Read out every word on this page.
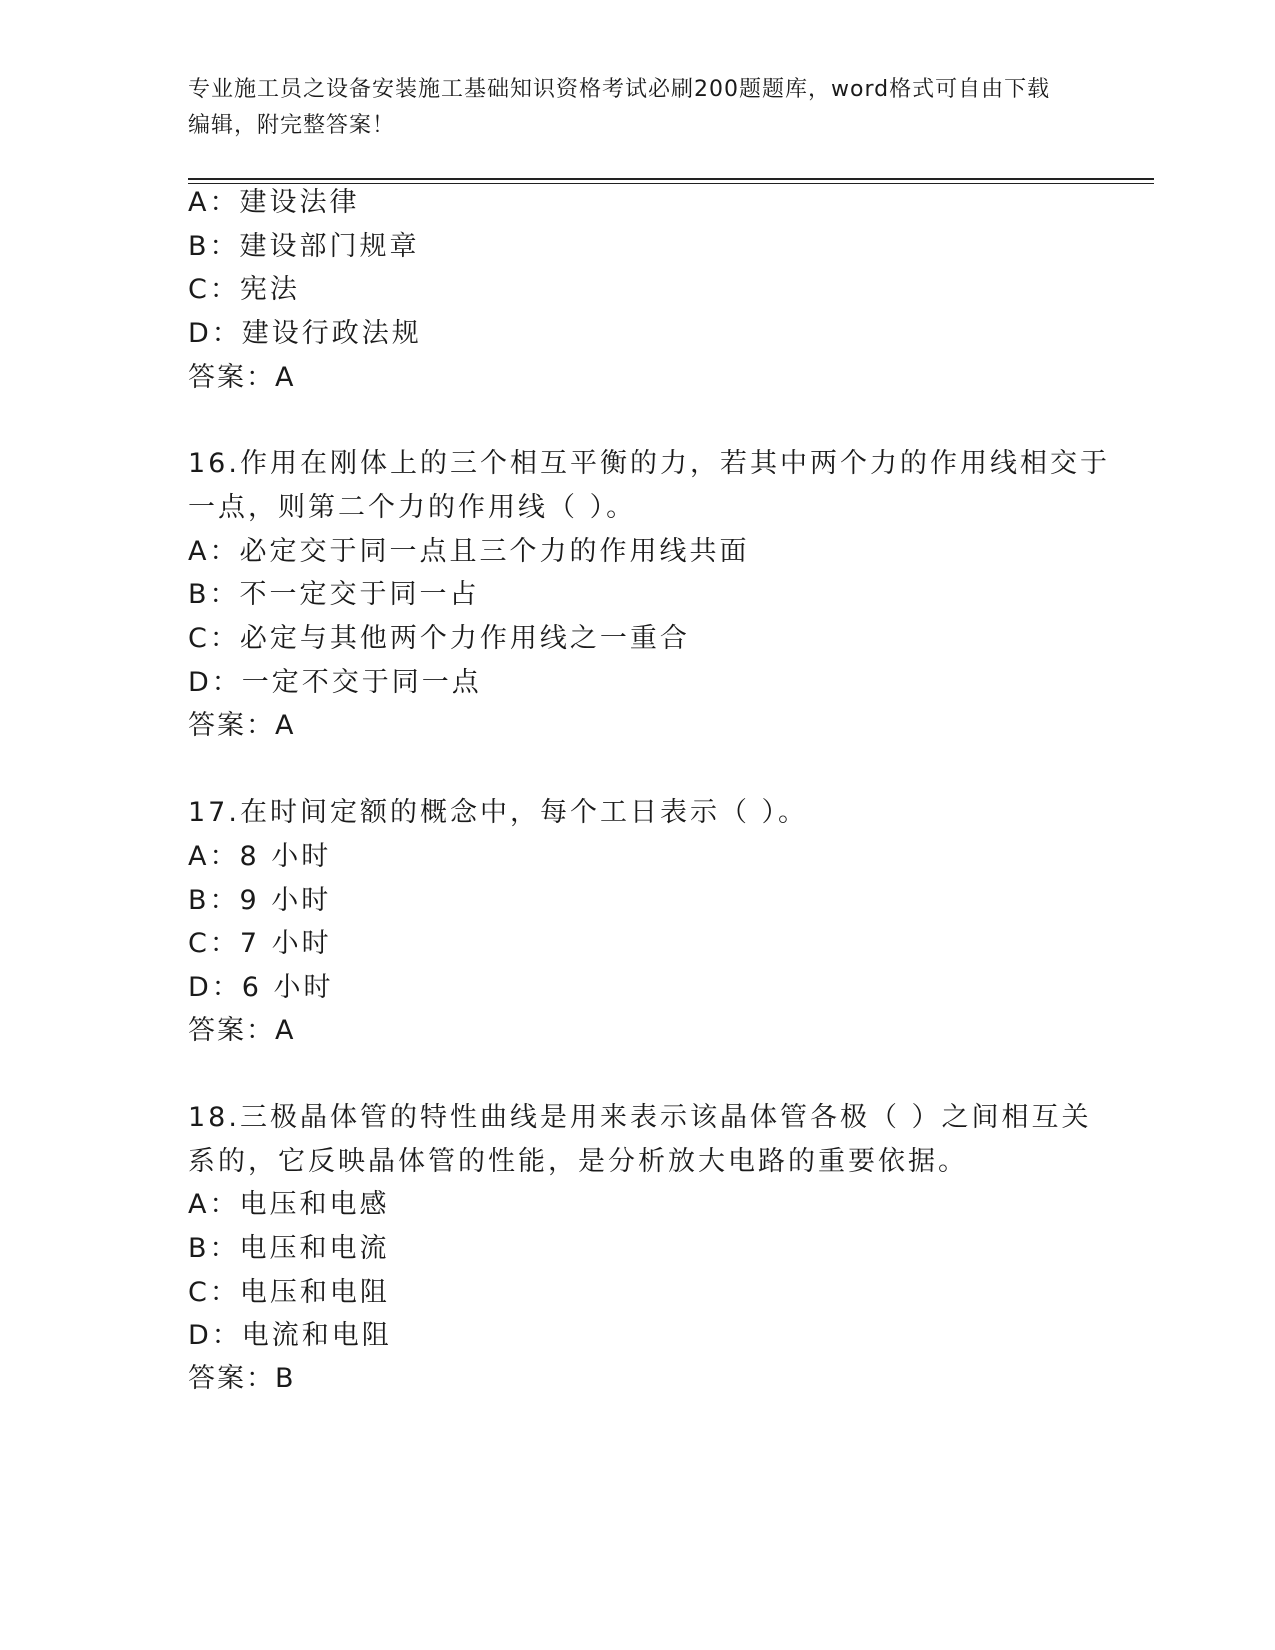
专业施工员之设备安装施工基础知识资格考试必刷200题题库，word格式可自由下载编辑，附完整答案！
A：建设法律
B：建设部门规章
C：宪法
D：建设行政法规
答案：A
16.作用在刚体上的三个相互平衡的力，若其中两个力的作用线相交于
一点，则第二个力的作用线（ ）。
A：必定交于同一点且三个力的作用线共面
B：不一定交于同一占
C：必定与其他两个力作用线之一重合
D：一定不交于同一点
答案：A
17.在时间定额的概念中，每个工日表示（ ）。
A：8 小时
B：9 小时
C：7 小时
D：6 小时
答案：A
18.三极晶体管的特性曲线是用来表示该晶体管各极（ ）之间相互关
系的，它反映晶体管的性能，是分析放大电路的重要依据。
A：电压和电感
B：电压和电流
C：电压和电阻
D：电流和电阻
答案：B
